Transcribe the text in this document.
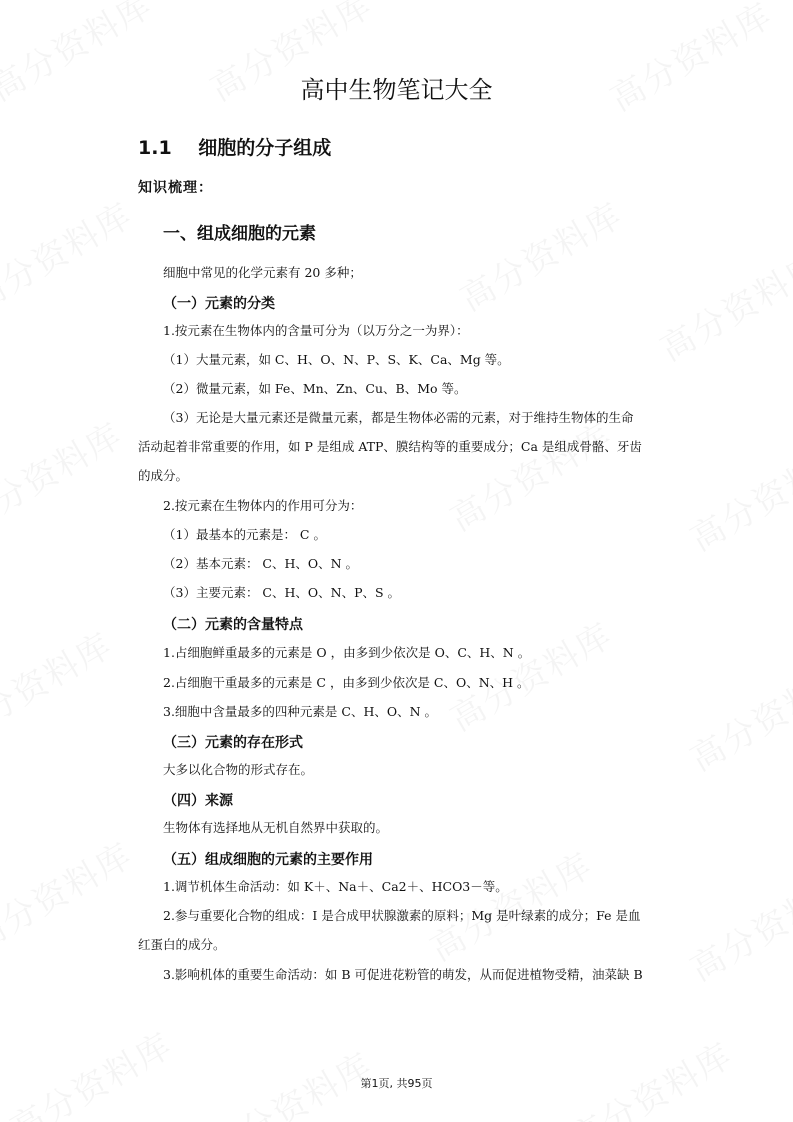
高中生物笔记大全
1.1 细胞的分子组成
知识梳理：
一、组成细胞的元素
细胞中常见的化学元素有 20 多种；
（一）元素的分类
1.按元素在生物体内的含量可分为（以万分之一为界）：
（1）大量元素，如 C、H、O、N、P、S、K、Ca、Mg 等。
（2）微量元素，如 Fe、Mn、Zn、Cu、B、Mo 等。
（3）无论是大量元素还是微量元素，都是生物体必需的元素，对于维持生物体的生命
活动起着非常重要的作用，如 P 是组成 ATP、膜结构等的重要成分；Ca 是组成骨骼、牙齿
的成分。
2.按元素在生物体内的作用可分为：
（1）最基本的元素是： C 。
（2）基本元素： C、H、O、N 。
（3）主要元素： C、H、O、N、P、S 。
（二）元素的含量特点
1.占细胞鲜重最多的元素是 O ，由多到少依次是 O、C、H、N 。
2.占细胞干重最多的元素是 C ，由多到少依次是 C、O、N、H 。
3.细胞中含量最多的四种元素是 C、H、O、N 。
（三）元素的存在形式
大多以化合物的形式存在。
（四）来源
生物体有选择地从无机自然界中获取的。
（五）组成细胞的元素的主要作用
1.调节机体生命活动：如 K＋、Na＋、Ca2＋、HCO3－等。
2.参与重要化合物的组成：I 是合成甲状腺激素的原料；Mg 是叶绿素的成分；Fe 是血
红蛋白的成分。
3.影响机体的重要生命活动：如 B 可促进花粉管的萌发，从而促进植物受精，油菜缺 B
第1页, 共95页
